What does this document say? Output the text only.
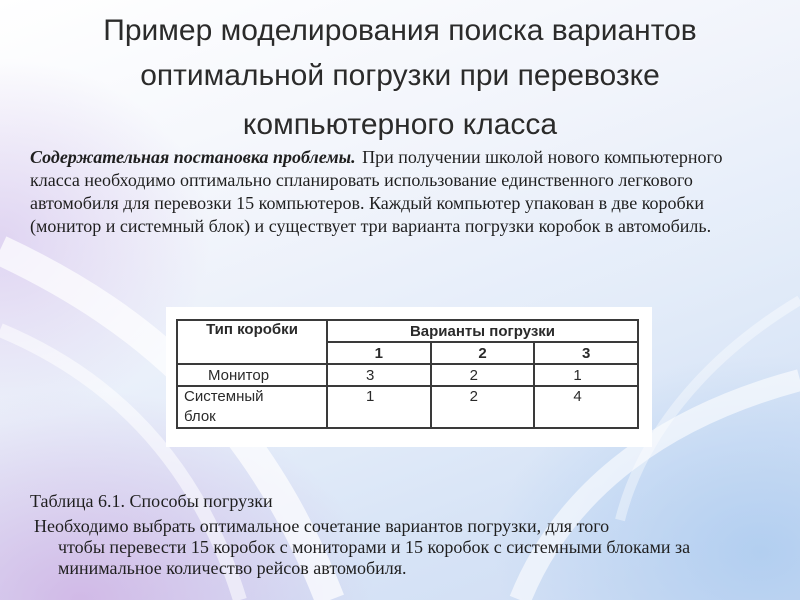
Пример моделирования поиска вариантов
оптимальной погрузки при перевозке
компьютерного класса
Содержательная постановка проблемы. При получении школой нового компьютерного класса необходимо оптимально спланировать использование единственного легкового автомобиля для перевозки 15 компьютеров. Каждый компьютер упакован в две коробки (монитор и системный блок) и существует три варианта погрузки коробок в автомобиль.
Тип коробки	Варианты погрузки		
	1	2	3
Монитор	3	2	1
Системный
блок	1	2	4
Таблица 6.1. Способы погрузки
Необходимо выбрать оптимальное сочетание вариантов погрузки, для того
чтобы перевести 15 коробок с мониторами и 15 коробок с системными блоками за минимальное количество рейсов автомобиля.
